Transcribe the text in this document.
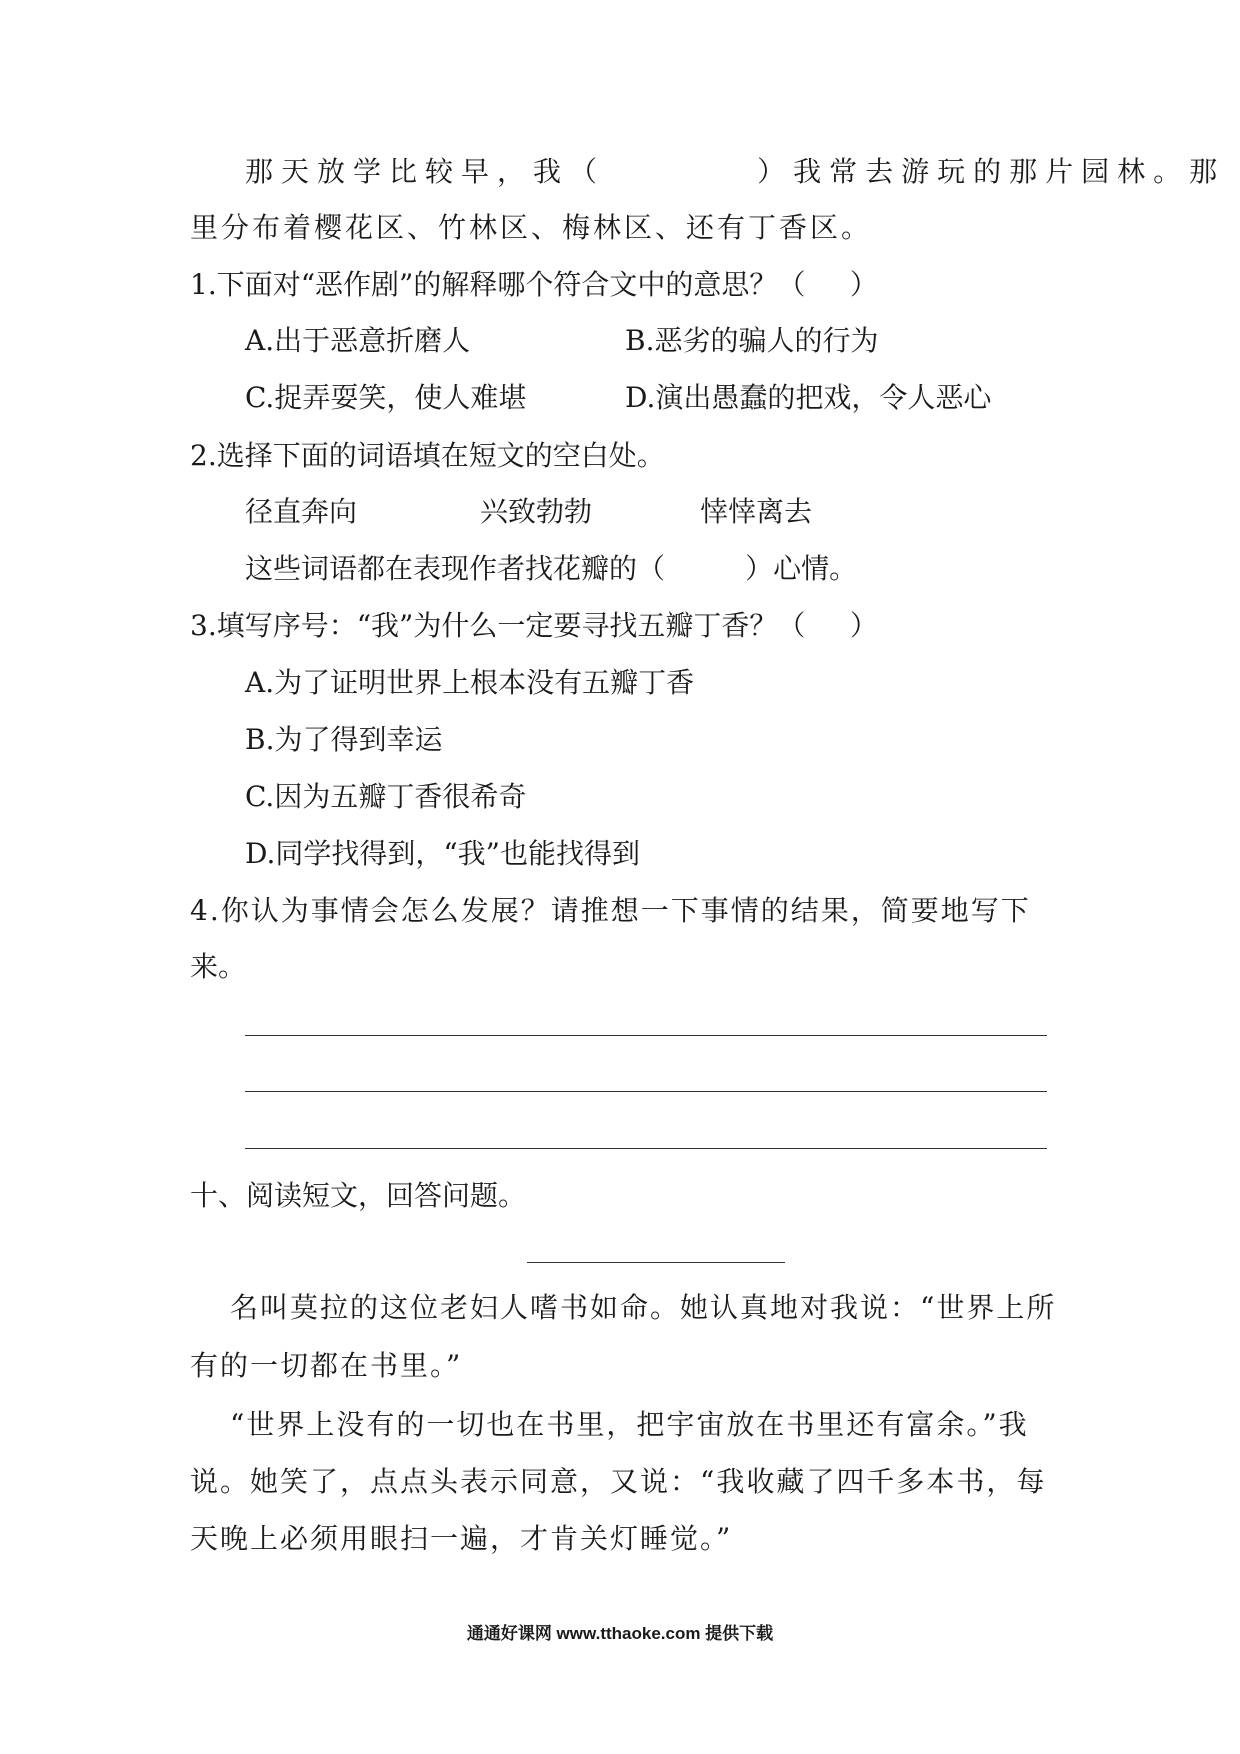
那天放学比较早，我（         ）我常去游玩的那片园林。那
里分布着樱花区、竹林区、梅林区、还有丁香区。
1.下面对“恶作剧”的解释哪个符合文中的意思？（     ）
A.出于恶意折磨人	B.恶劣的骗人的行为
C.捉弄耍笑，使人难堪	D.演出愚蠢的把戏，令人恶心
2.选择下面的词语填在短文的空白处。
径直奔向	兴致勃勃	悻悻离去
这些词语都在表现作者找花瓣的（         ）心情。
3.填写序号：“我”为什么一定要寻找五瓣丁香？（     ）
A.为了证明世界上根本没有五瓣丁香
B.为了得到幸运
C.因为五瓣丁香很希奇
D.同学找得到，“我”也能找得到
4.你认为事情会怎么发展？请推想一下事情的结果，简要地写下
来。
十、阅读短文，回答问题。
名叫莫拉的这位老妇人嗜书如命。她认真地对我说：“世界上所
有的一切都在书里。”
“世界上没有的一切也在书里，把宇宙放在书里还有富余。”我
说。她笑了，点点头表示同意，又说：“我收藏了四千多本书，每
天晚上必须用眼扫一遍，才肯关灯睡觉。”
通通好课网 www.tthaoke.com 提供下载
